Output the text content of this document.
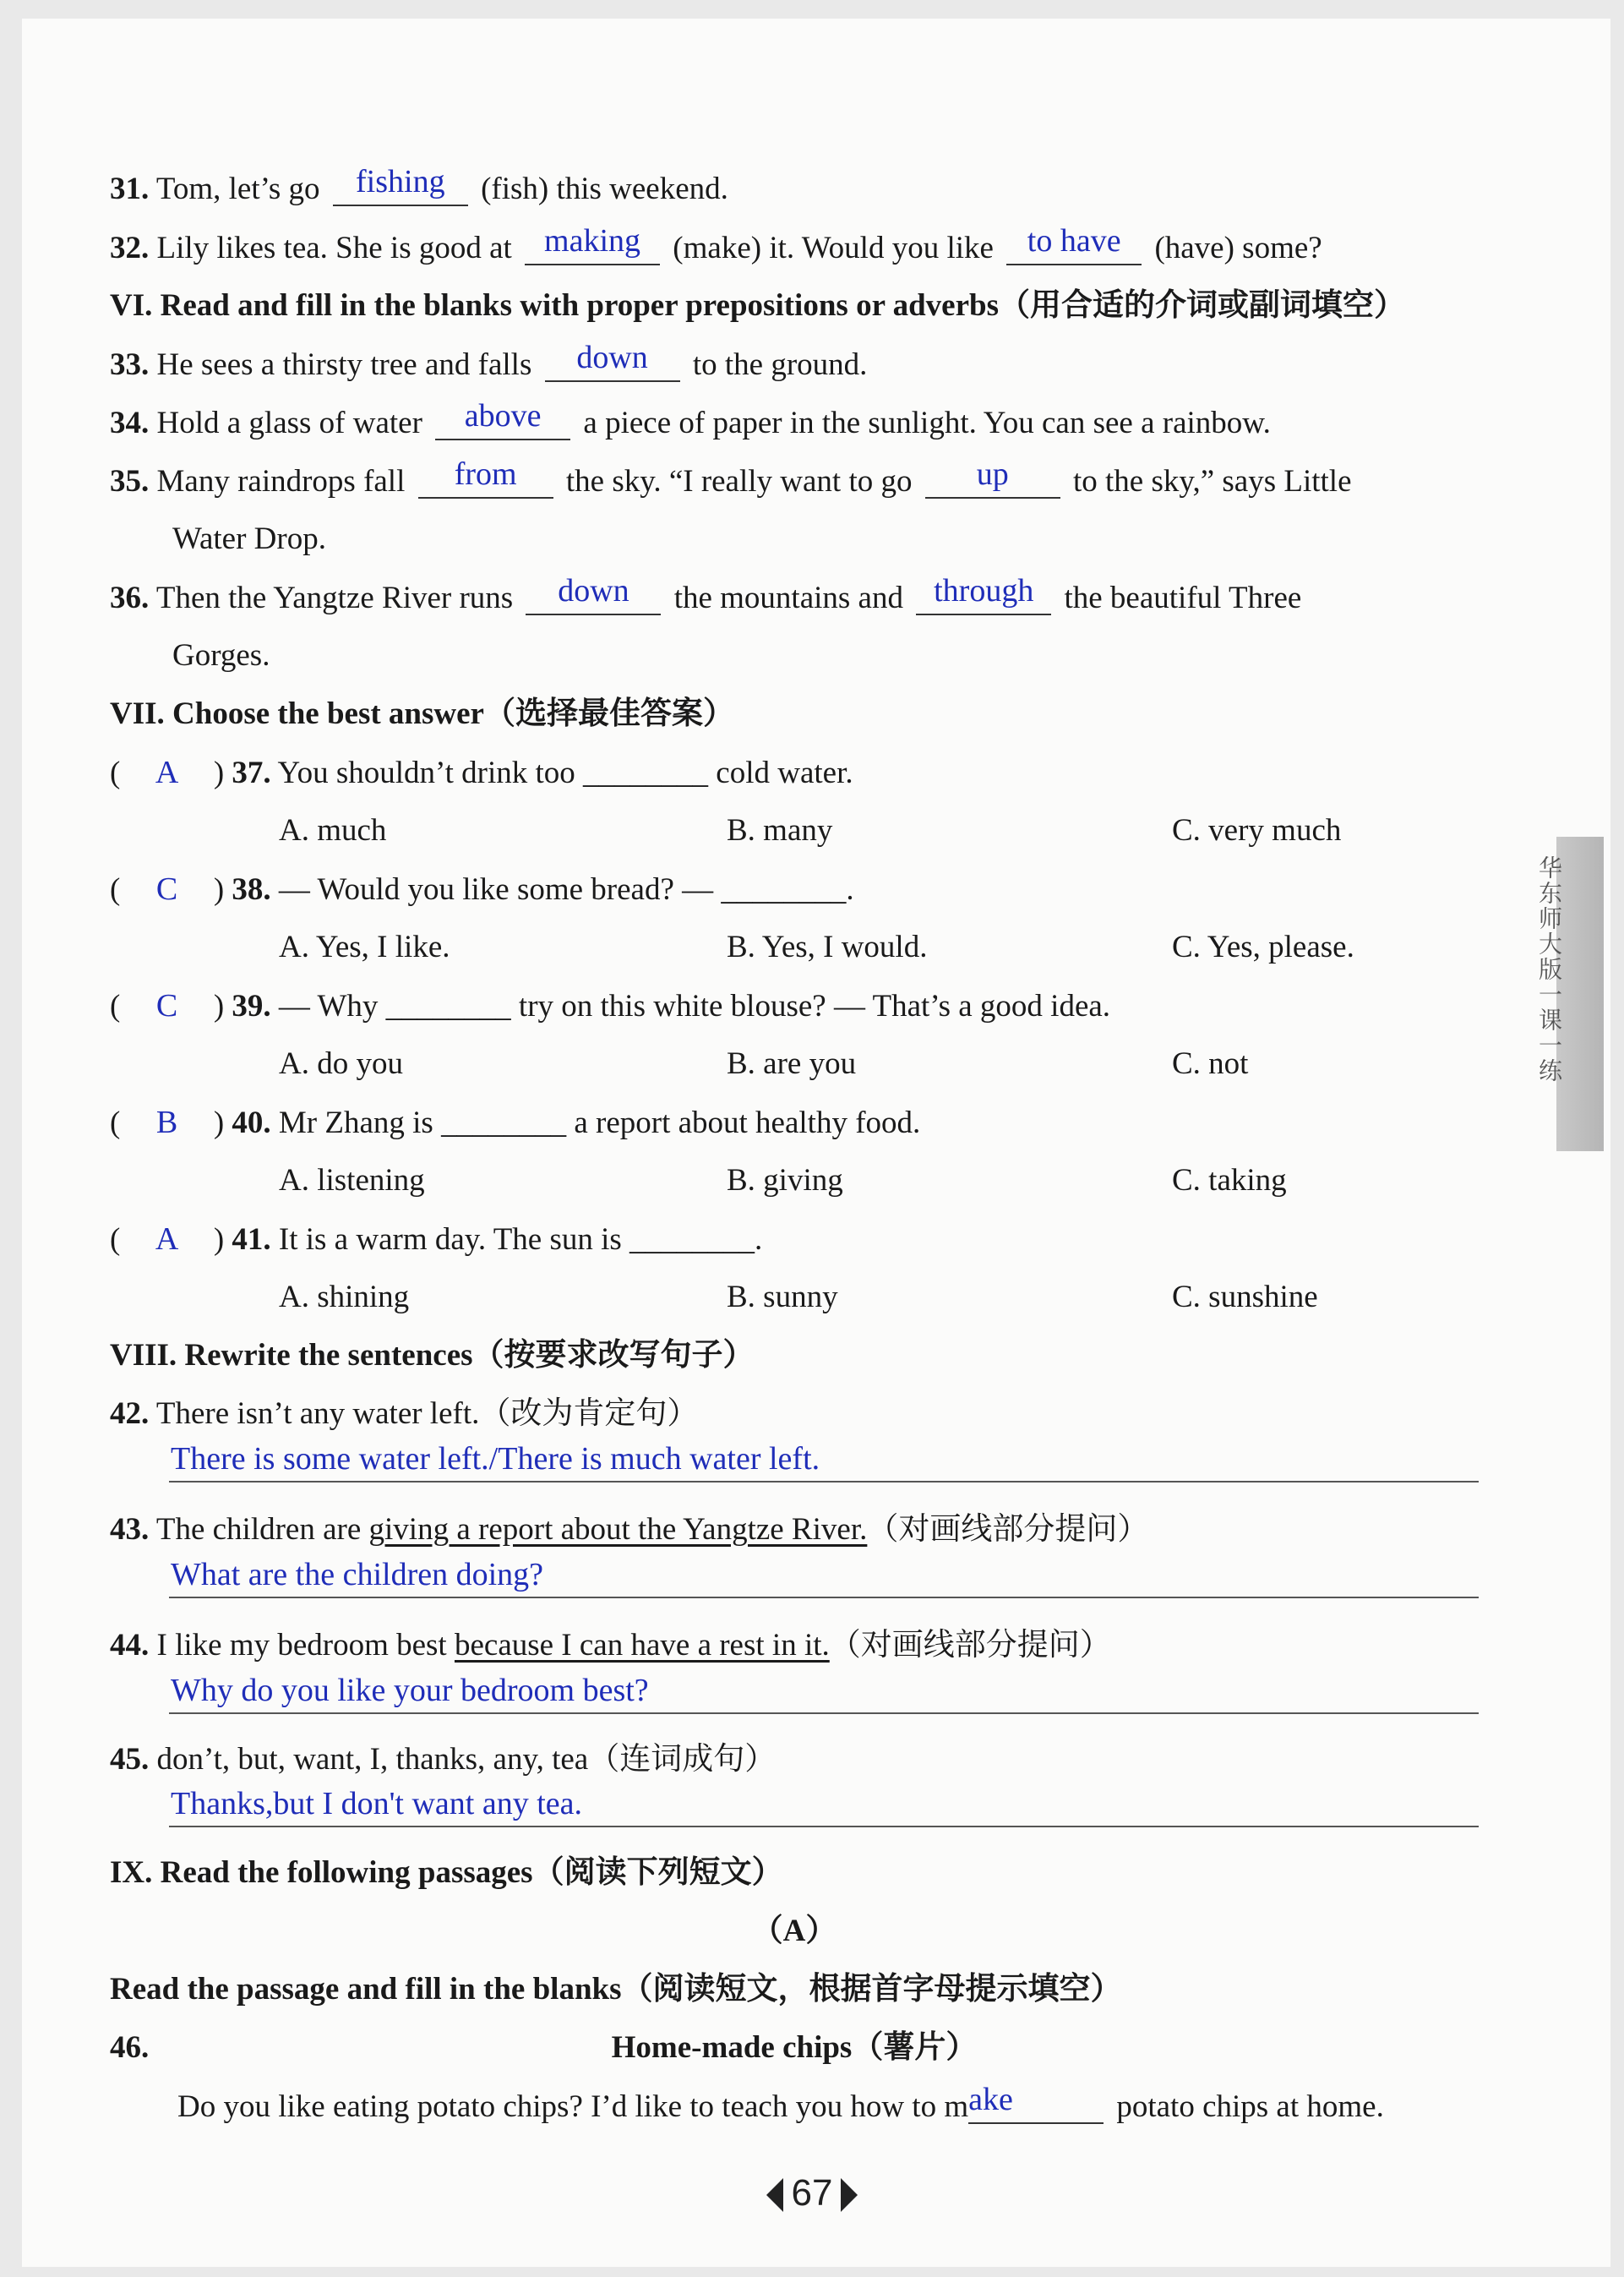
31. Tom, let’s go fishing (fish) this weekend.
32. Lily likes tea. She is good at making (make) it. Would you like to have (have) some?
VI. Read and fill in the blanks with proper prepositions or adverbs（用合适的介词或副词填空）
33. He sees a thirsty tree and falls down to the ground.
34. Hold a glass of water above a piece of paper in the sunlight. You can see a rainbow.
35. Many raindrops fall from the sky. “I really want to go up to the sky,” says Little
Water Drop.
36. Then the Yangtze River runs down the mountains and through the beautiful Three
Gorges.
VII. Choose the best answer（选择最佳答案）
( A ) 37. You shouldn’t drink too ________ cold water.
A. much	B. many	C. very much
( C ) 38. — Would you like some bread? — ________.
A. Yes, I like.	B. Yes, I would.	C. Yes, please.
( C ) 39. — Why ________ try on this white blouse? — That’s a good idea.
A. do you	B. are you	C. not
( B ) 40. Mr Zhang is ________ a report about healthy food.
A. listening	B. giving	C. taking
( A ) 41. It is a warm day. The sun is ________.
A. shining	B. sunny	C. sunshine
VIII. Rewrite the sentences（按要求改写句子）
42. There isn’t any water left.（改为肯定句）
There is some water left./There is much water left.
43. The children are giving a report about the Yangtze River.（对画线部分提问）
What are the children doing?
44. I like my bedroom best because I can have a rest in it.（对画线部分提问）
Why do you like your bedroom best?
45. don’t, but, want, I, thanks, any, tea（连词成句）
Thanks,but I don't want any tea.
IX. Read the following passages（阅读下列短文）
（A）
Read the passage and fill in the blanks（阅读短文，根据首字母提示填空）
46.	Home-made chips（薯片）
Do you like eating potato chips? I’d like to teach you how to make	potato chips at home.
华东师大版一课一练
67
